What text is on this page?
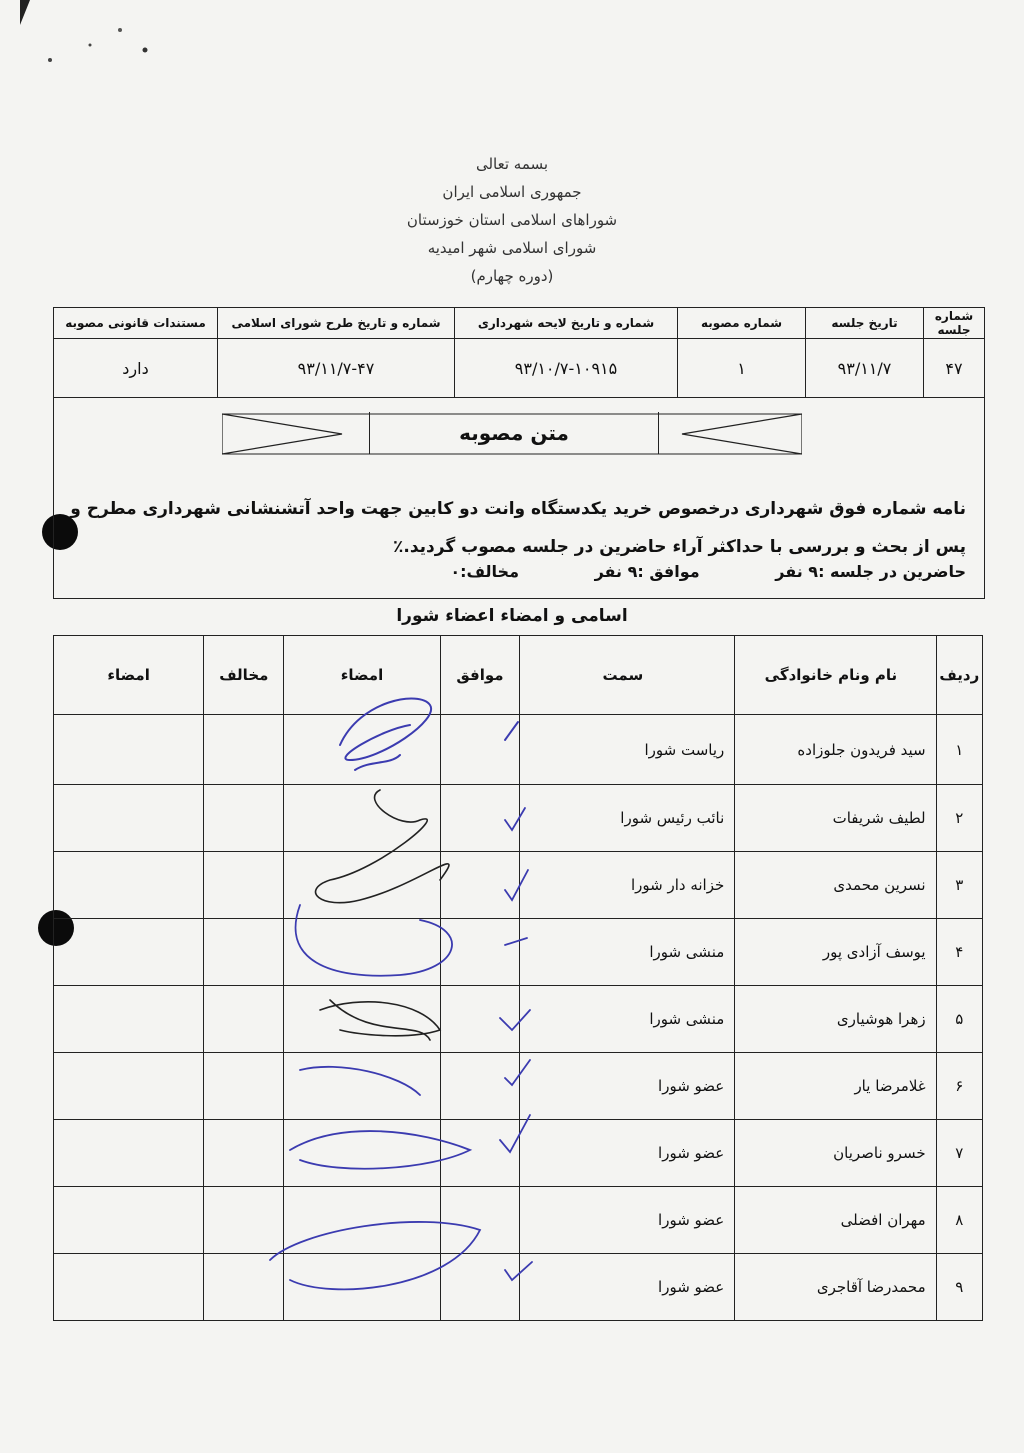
بسمه تعالی
جمهوری اسلامی ایران
شوراهای اسلامی استان خوزستان
شورای اسلامی شهر امیدیه
(دوره چهارم)
شماره جلسه	تاریخ جلسه	شماره مصوبه	شماره و تاریخ لایحه شهرداری	شماره و تاریخ طرح شورای اسلامی	مستندات قانونی مصوبه
۴۷	۹۳/۱۱/۷	۱	۹۳/۱۰/۷-۱۰۹۱۵	۹۳/۱۱/۷-۴۷	دارد
متن مصوبه
نامه شماره فوق شهرداری درخصوص خرید یکدستگاه وانت دو کابین جهت واحد آتشنشانی شهرداری مطرح و پس از بحث و بررسی با حداکثر آراء حاضرین در جلسه مصوب گردید.٪
حاضرین در جلسه :۹ نفر موافق :۹ نفر مخالف:۰
اسامی و امضاء اعضاء شورا
ردیف	نام ونام خانوادگی	سمت	موافق	امضاء	مخالف	امضاء
۱	سید فریدون جلوزاده	ریاست شورا				
۲	لطیف شریفات	نائب رئیس شورا				
۳	نسرین محمدی	خزانه دار شورا				
۴	یوسف آزادی پور	منشی شورا				
۵	زهرا هوشیاری	منشی شورا				
۶	غلامرضا یار	عضو شورا				
۷	خسرو ناصریان	عضو شورا				
۸	مهران افضلی	عضو شورا				
۹	محمدرضا آقاجری	عضو شورا				
